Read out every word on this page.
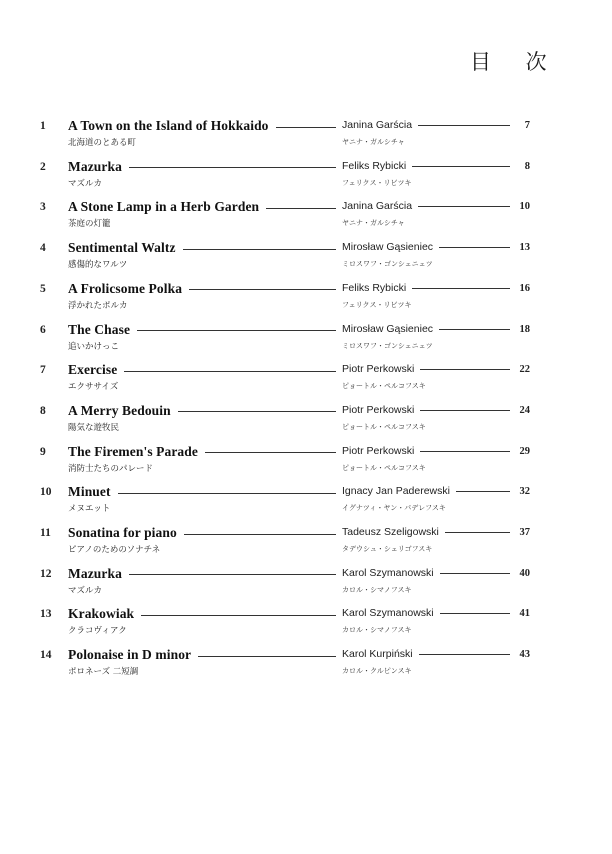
目 次
1 A Town on the Island of Hokkaido
北海道のとある町
Janina Garścia
ヤニナ・ガルシチャ
7
2 Mazurka
マズルカ
Feliks Rybicki
フェリクス・リビツキ
8
3 A Stone Lamp in a Herb Garden
茶庭の灯籠
Janina Garścia
ヤニナ・ガルシチャ
10
4 Sentimental Waltz
感傷的なワルツ
Mirosław Gąsieniec
ミロスワフ・ゴンシェニェツ
13
5 A Frolicsome Polka
浮かれたポルカ
Feliks Rybicki
フェリクス・リビツキ
16
6 The Chase
追いかけっこ
Mirosław Gąsieniec
ミロスワフ・ゴンシェニェツ
18
7 Exercise
エクササイズ
Piotr Perkowski
ピョートル・ペルコフスキ
22
8 A Merry Bedouin
陽気な遊牧民
Piotr Perkowski
ピョートル・ペルコフスキ
24
9 The Firemen's Parade
消防士たちのパレード
Piotr Perkowski
ピョートル・ペルコフスキ
29
10 Minuet
メヌエット
Ignacy Jan Paderewski
イグナツィ・ヤン・パデレフスキ
32
11 Sonatina for piano
ピアノのためのソナチネ
Tadeusz Szeligowski
タデウシュ・シェリゴフスキ
37
12 Mazurka
マズルカ
Karol Szymanowski
カロル・シマノフスキ
40
13 Krakowiak
クラコヴィアク
Karol Szymanowski
カロル・シマノフスキ
41
14 Polonaise in D minor
ポロネーズ 二短調
Karol Kurpiński
カロル・クルピンスキ
43
